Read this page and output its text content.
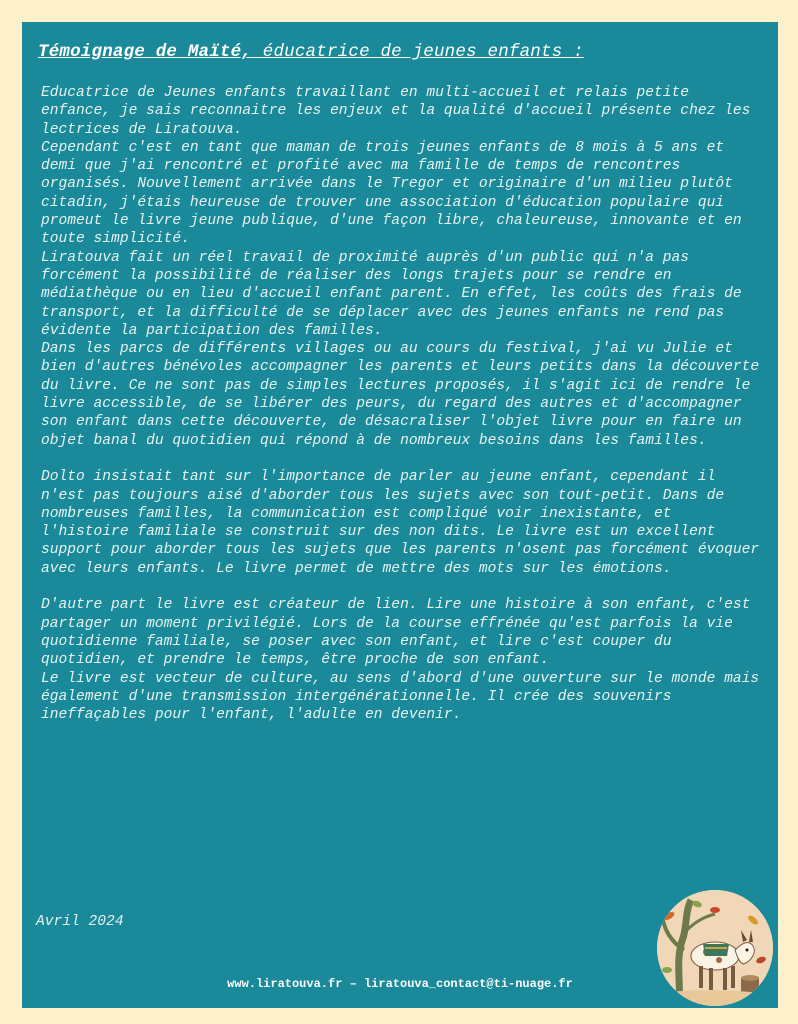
Témoignage de Maïté, éducatrice de jeunes enfants :

Educatrice de Jeunes enfants travaillant en multi-accueil et relais petite enfance, je sais reconnaitre les enjeux et la qualité d'accueil présente chez les lectrices de Liratouva.

Cependant c'est en tant que maman de trois jeunes enfants de 8 mois à 5 ans et demi que j'ai rencontré et profité avec ma famille de temps de rencontres organisés. Nouvellement arrivée dans le Tregor et originaire d'un milieu plutôt citadin, j'étais heureuse de trouver une association d'éducation populaire qui promeut le livre jeune publique, d'une façon libre, chaleureuse, innovante et en toute simplicité.

Liratouva fait un réel travail de proximité auprès d'un public qui n'a pas forcément la possibilité de réaliser des longs trajets pour se rendre en médiathèque ou en lieu d'accueil enfant parent. En effet, les coûts des frais de transport, et la difficulté de se déplacer avec des jeunes enfants ne rend pas évidente la participation des familles.

Dans les parcs de différents villages ou au cours du festival, j'ai vu Julie et bien d'autres bénévoles accompagner les parents et leurs petits dans la découverte du livre. Ce ne sont pas de simples lectures proposés, il s'agit ici de rendre le livre accessible, de se libérer des peurs, du regard des autres et d'accompagner son enfant dans cette découverte, de désacraliser l'objet livre pour en faire un objet banal du quotidien qui répond à de nombreux besoins dans les familles.

Dolto insistait tant sur l'importance de parler au jeune enfant, cependant il n'est pas toujours aisé d'aborder tous les sujets avec son tout-petit. Dans de nombreuses familles, la communication est compliqué voir inexistante, et l'histoire familiale se construit sur des non dits. Le livre est un excellent support pour aborder tous les sujets que les parents n'osent pas forcément évoquer avec leurs enfants. Le livre permet de mettre des mots sur les émotions.

D'autre part le livre est créateur de lien. Lire une histoire à son enfant, c'est partager un moment privilégié. Lors de la course effrénée qu'est parfois la vie quotidienne familiale, se poser avec son enfant, et lire c'est couper du quotidien, et prendre le temps, être proche de son enfant.

Le livre est vecteur de culture, au sens d'abord d'une ouverture sur le monde mais également d'une transmission intergénérationnelle. Il crée des souvenirs ineffaçables pour l'enfant, l'adulte en devenir.

Avril 2024
www.liratouva.fr – liratouva_contact@ti-nuage.fr
